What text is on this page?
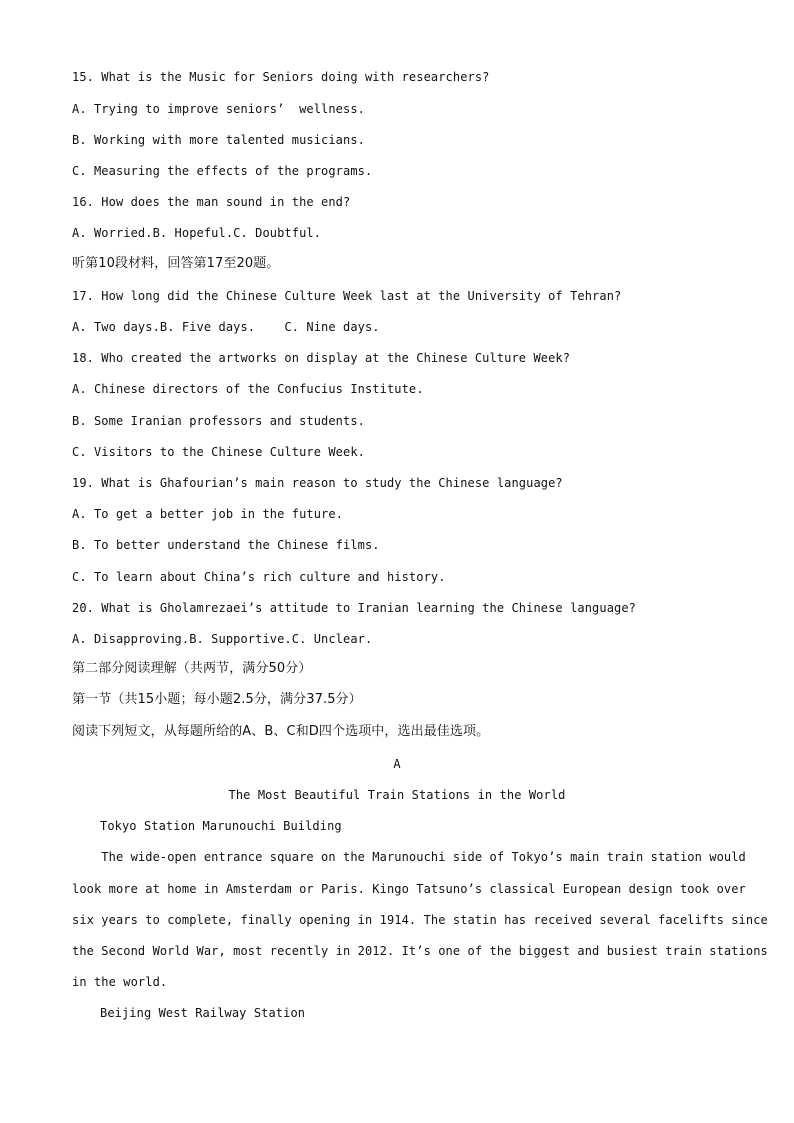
15. What is the Music for Seniors doing with researchers?
A. Trying to improve seniors’  wellness.
B. Working with more talented musicians.
C. Measuring the effects of the programs.
16. How does the man sound in the end?
A. Worried.B. Hopeful.C. Doubtful.
听第10段材料，回答第17至20题。
17. How long did the Chinese Culture Week last at the University of Tehran?
A. Two days.B. Five days.    C. Nine days.
18. Who created the artworks on display at the Chinese Culture Week?
A. Chinese directors of the Confucius Institute.
B. Some Iranian professors and students.
C. Visitors to the Chinese Culture Week.
19. What is Ghafourian’s main reason to study the Chinese language?
A. To get a better job in the future.
B. To better understand the Chinese films.
C. To learn about China’s rich culture and history.
20. What is Gholamrezaei’s attitude to Iranian learning the Chinese language?
A. Disapproving.B. Supportive.C. Unclear.
第二部分阅读理解（共两节，满分50分）
第一节（共15小题；每小题2.5分，满分37.5分）
阅读下列短文，从每题所给的A、B、C和D四个选项中，选出最佳选项。
A
The Most Beautiful Train Stations in the World
Tokyo Station Marunouchi Building
The wide-open entrance square on the Marunouchi side of Tokyo’s main train station would
look more at home in Amsterdam or Paris. Kingo Tatsuno’s classical European design took over
six years to complete, finally opening in 1914. The statin has received several facelifts since
the Second World War, most recently in 2012. It’s one of the biggest and busiest train stations
in the world.
Beijing West Railway Station
